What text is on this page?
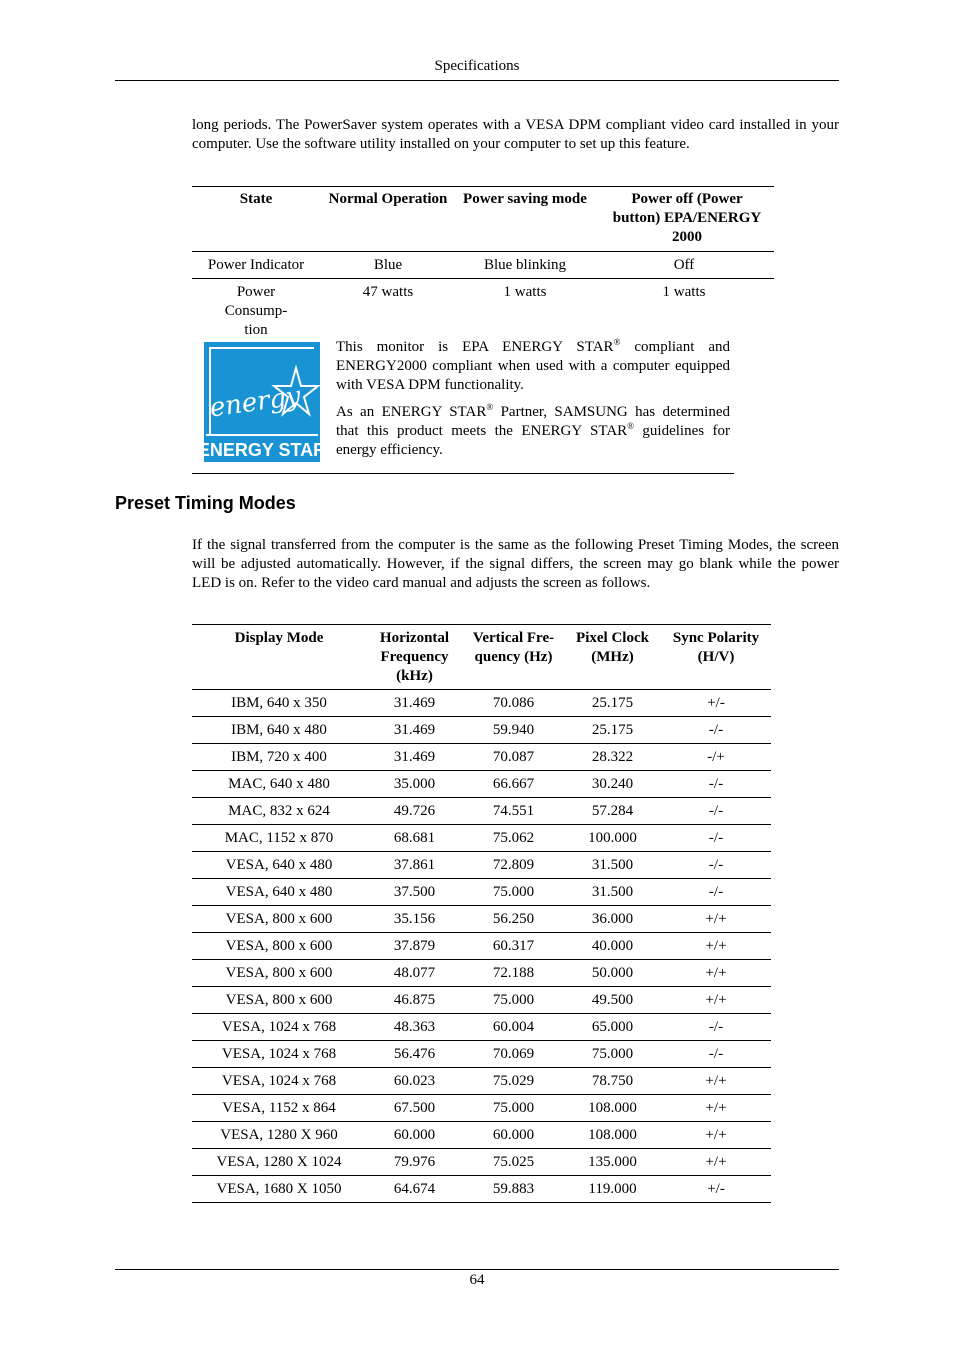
Specifications

long periods. The PowerSaver system operates with a VESA DPM compliant video card installed in your computer. Use the software utility installed on your computer to set up this feature.

State	Normal Operation	Power saving mode	Power off (Power button) EPA/ENERGY 2000
Power Indicator	Blue	Blue blinking	Off
Power Consump-tion	47 watts	1 watts	1 watts
energy
ENERGY STAR

This monitor is EPA ENERGY STAR® compliant and ENERGY2000 compliant when used with a computer equipped with VESA DPM functionality.

As an ENERGY STAR® Partner, SAMSUNG has determined that this product meets the ENERGY STAR® guidelines for energy efficiency.

Preset Timing Modes

If the signal transferred from the computer is the same as the following Preset Timing Modes, the screen will be adjusted automatically. However, if the signal differs, the screen may go blank while the power LED is on. Refer to the video card manual and adjusts the screen as follows.

Display Mode	Horizontal Frequency (kHz)	Vertical Fre-quency (Hz)	Pixel Clock (MHz)	Sync Polarity (H/V)
IBM, 640 x 350	31.469	70.086	25.175	+/-
IBM, 640 x 480	31.469	59.940	25.175	-/-
IBM, 720 x 400	31.469	70.087	28.322	-/+
MAC, 640 x 480	35.000	66.667	30.240	-/-
MAC, 832 x 624	49.726	74.551	57.284	-/-
MAC, 1152 x 870	68.681	75.062	100.000	-/-
VESA, 640 x 480	37.861	72.809	31.500	-/-
VESA, 640 x 480	37.500	75.000	31.500	-/-
VESA, 800 x 600	35.156	56.250	36.000	+/+
VESA, 800 x 600	37.879	60.317	40.000	+/+
VESA, 800 x 600	48.077	72.188	50.000	+/+
VESA, 800 x 600	46.875	75.000	49.500	+/+
VESA, 1024 x 768	48.363	60.004	65.000	-/-
VESA, 1024 x 768	56.476	70.069	75.000	-/-
VESA, 1024 x 768	60.023	75.029	78.750	+/+
VESA, 1152 x 864	67.500	75.000	108.000	+/+
VESA, 1280 X 960	60.000	60.000	108.000	+/+
VESA, 1280 X 1024	79.976	75.025	135.000	+/+
VESA, 1680 X 1050	64.674	59.883	119.000	+/-
64
